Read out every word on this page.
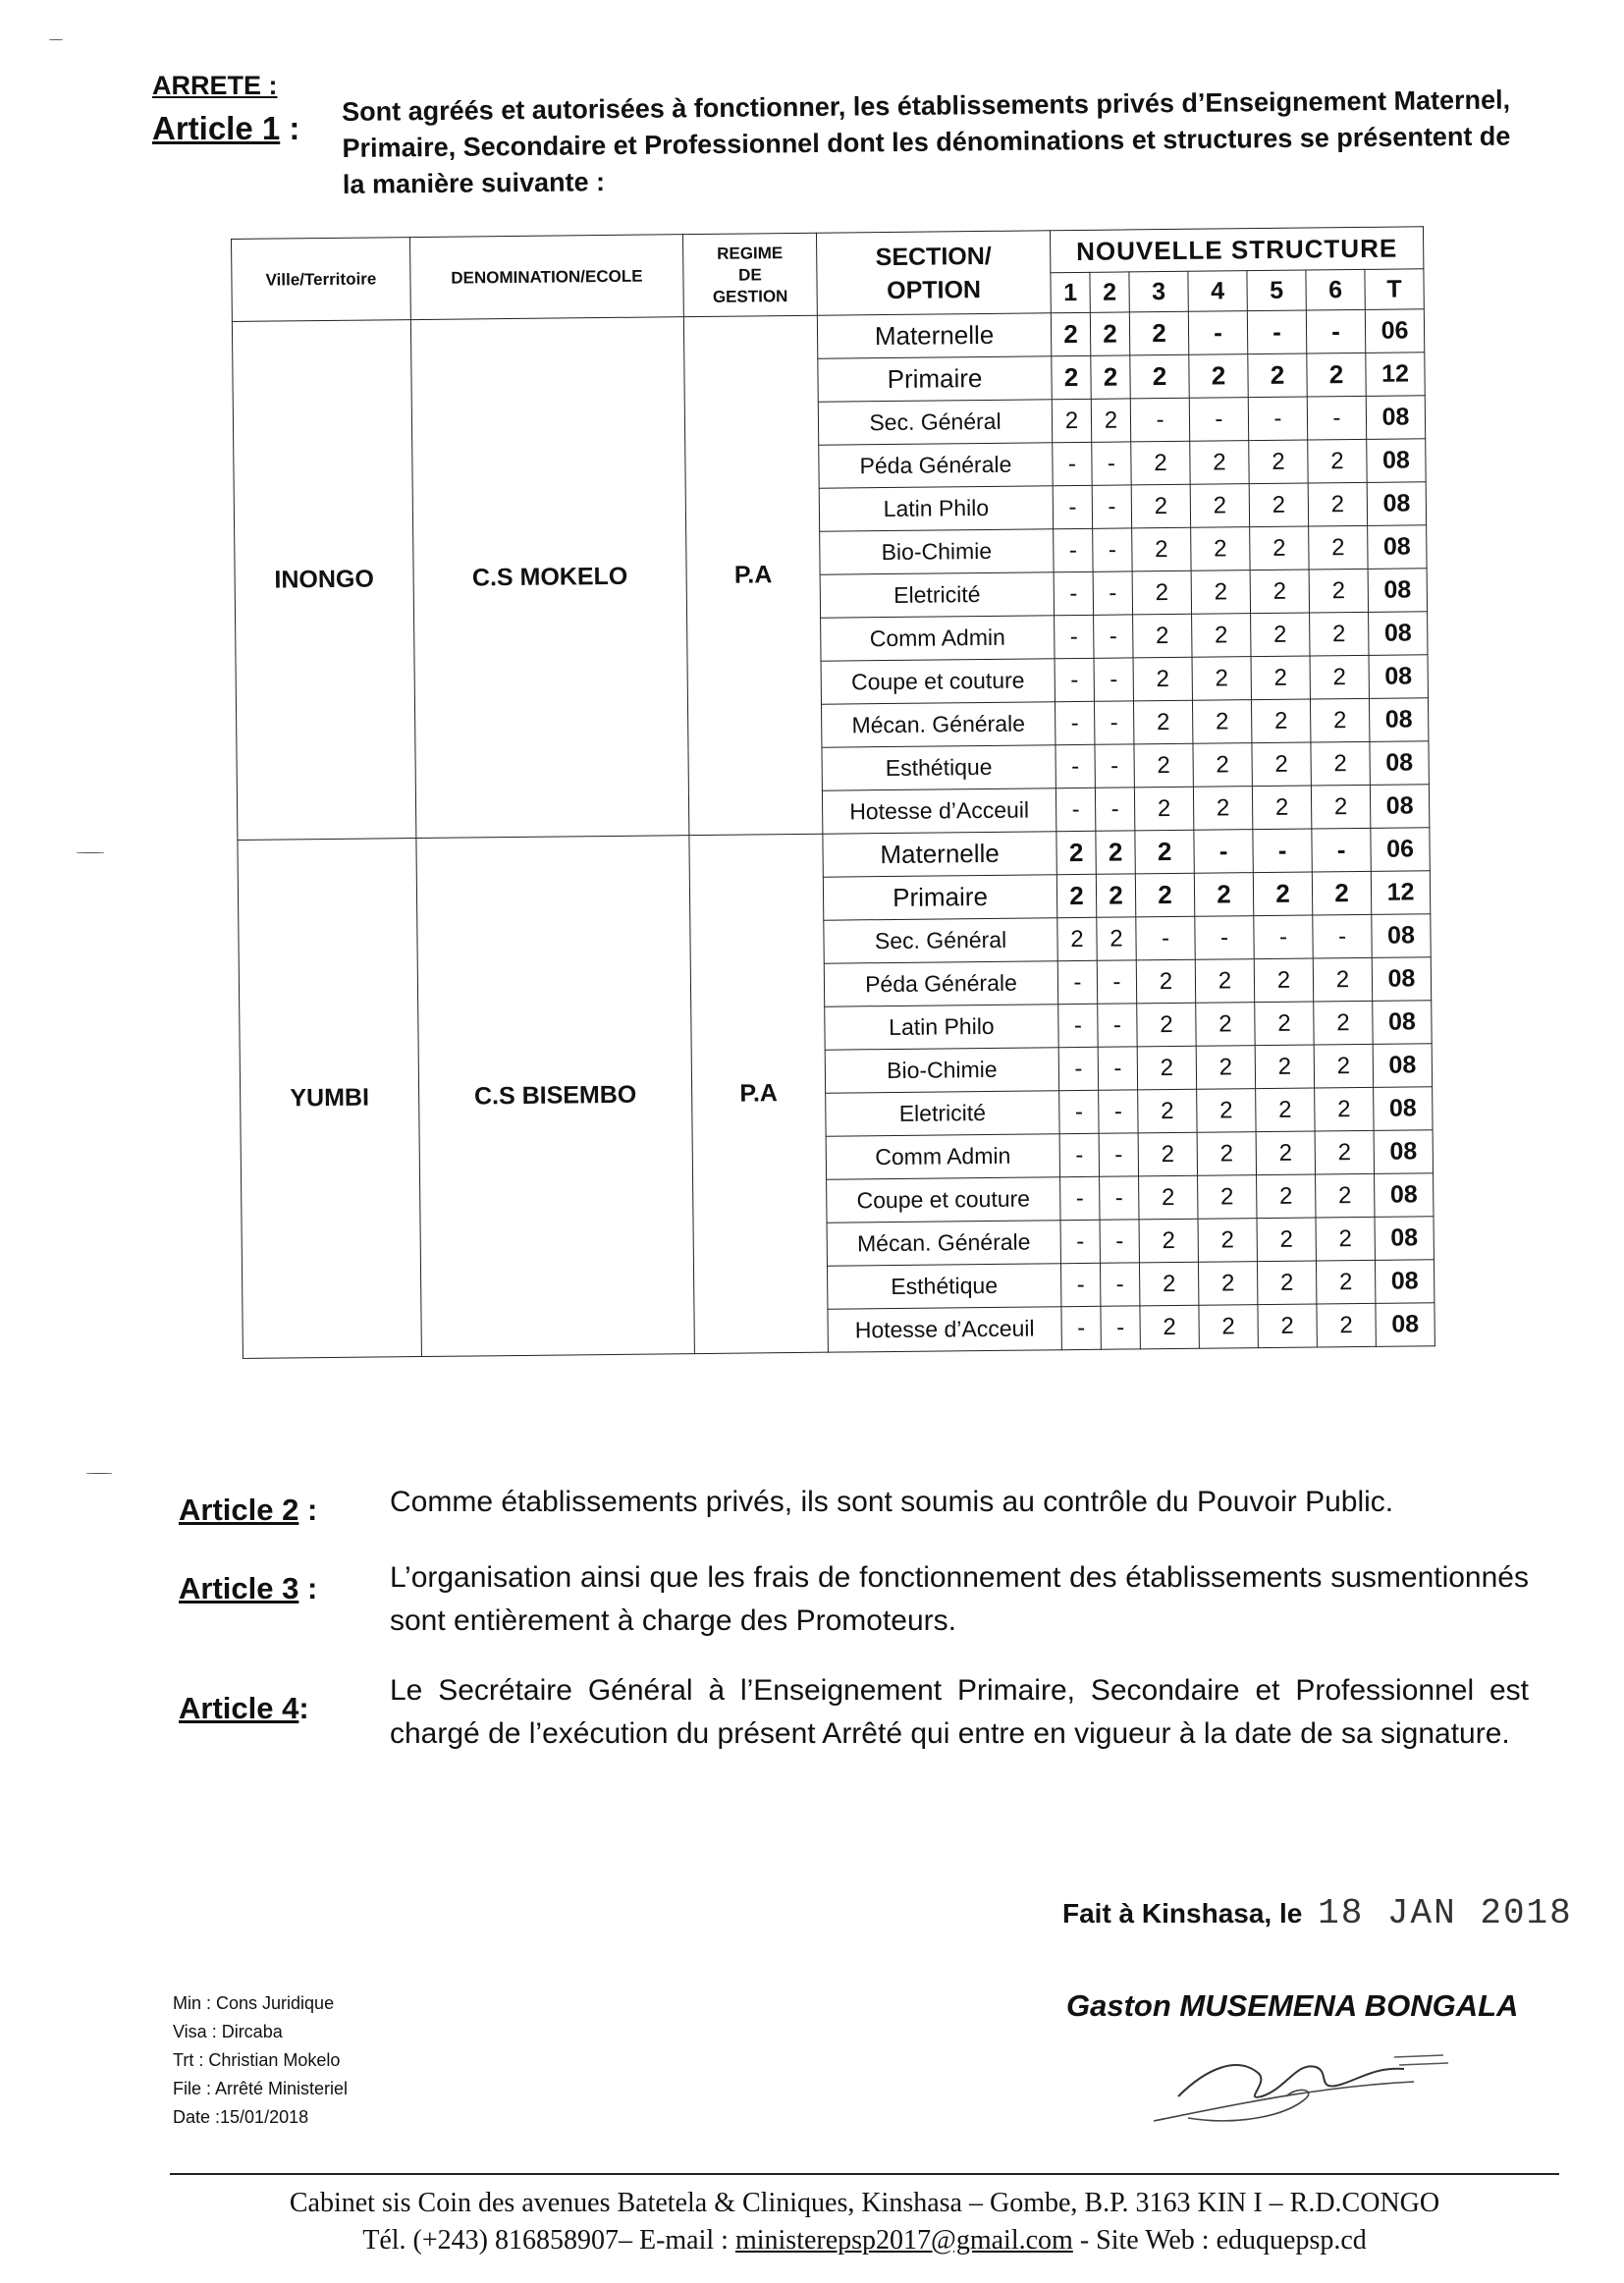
ARRETE :
Article 1 :
Sont agréés et autorisées à fonctionner, les établissements privés d’Enseignement Maternel, Primaire, Secondaire et Professionnel dont les dénominations et structures se présentent de la manière suivante :
Ville/Territoire	DENOMINATION/ECOLE	REGIME
DE
GESTION	SECTION/
OPTION	NOUVELLE STRUCTURE						
				1	2	3	4	5	6	T
INONGO	C.S MOKELO	P.A	Maternelle	2	2	2	-	-	-	06
			Primaire	2	2	2	2	2	2	12
			Sec. Général	2	2	-	-	-	-	08
			Péda Générale	-	-	2	2	2	2	08
			Latin Philo	-	-	2	2	2	2	08
			Bio-Chimie	-	-	2	2	2	2	08
			Eletricité	-	-	2	2	2	2	08
			Comm Admin	-	-	2	2	2	2	08
			Coupe et couture	-	-	2	2	2	2	08
			Mécan. Générale	-	-	2	2	2	2	08
			Esthétique	-	-	2	2	2	2	08
			Hotesse d’Acceuil	-	-	2	2	2	2	08
YUMBI	C.S BISEMBO	P.A	Maternelle	2	2	2	-	-	-	06
			Primaire	2	2	2	2	2	2	12
			Sec. Général	2	2	-	-	-	-	08
			Péda Générale	-	-	2	2	2	2	08
			Latin Philo	-	-	2	2	2	2	08
			Bio-Chimie	-	-	2	2	2	2	08
			Eletricité	-	-	2	2	2	2	08
			Comm Admin	-	-	2	2	2	2	08
			Coupe et couture	-	-	2	2	2	2	08
			Mécan. Générale	-	-	2	2	2	2	08
			Esthétique	-	-	2	2	2	2	08
			Hotesse d’Acceuil	-	-	2	2	2	2	08
Article 2 : Comme établissements privés, ils sont soumis au contrôle du Pouvoir Public.
Article 3 : L’organisation ainsi que les frais de fonctionnement des établissements susmentionnés sont entièrement à charge des Promoteurs.
Article 4:
Le Secrétaire Général à l’Enseignement Primaire, Secondaire et Professionnel est chargé de l’exécution du présent Arrêté qui entre en vigueur à la date de sa signature.
Fait à Kinshasa, le 18 JAN 2018
Gaston MUSEMENA BONGALA
Min : Cons Juridique
Visa : Dircaba
Trt : Christian Mokelo
File : Arrêté Ministeriel
Date :15/01/2018
Cabinet sis Coin des avenues Batetela & Cliniques, Kinshasa – Gombe, B.P. 3163 KIN I – R.D.CONGO
Tél. (+243) 816858907– E-mail : ministerepsp2017@gmail.com - Site Web : eduquepsp.cd
